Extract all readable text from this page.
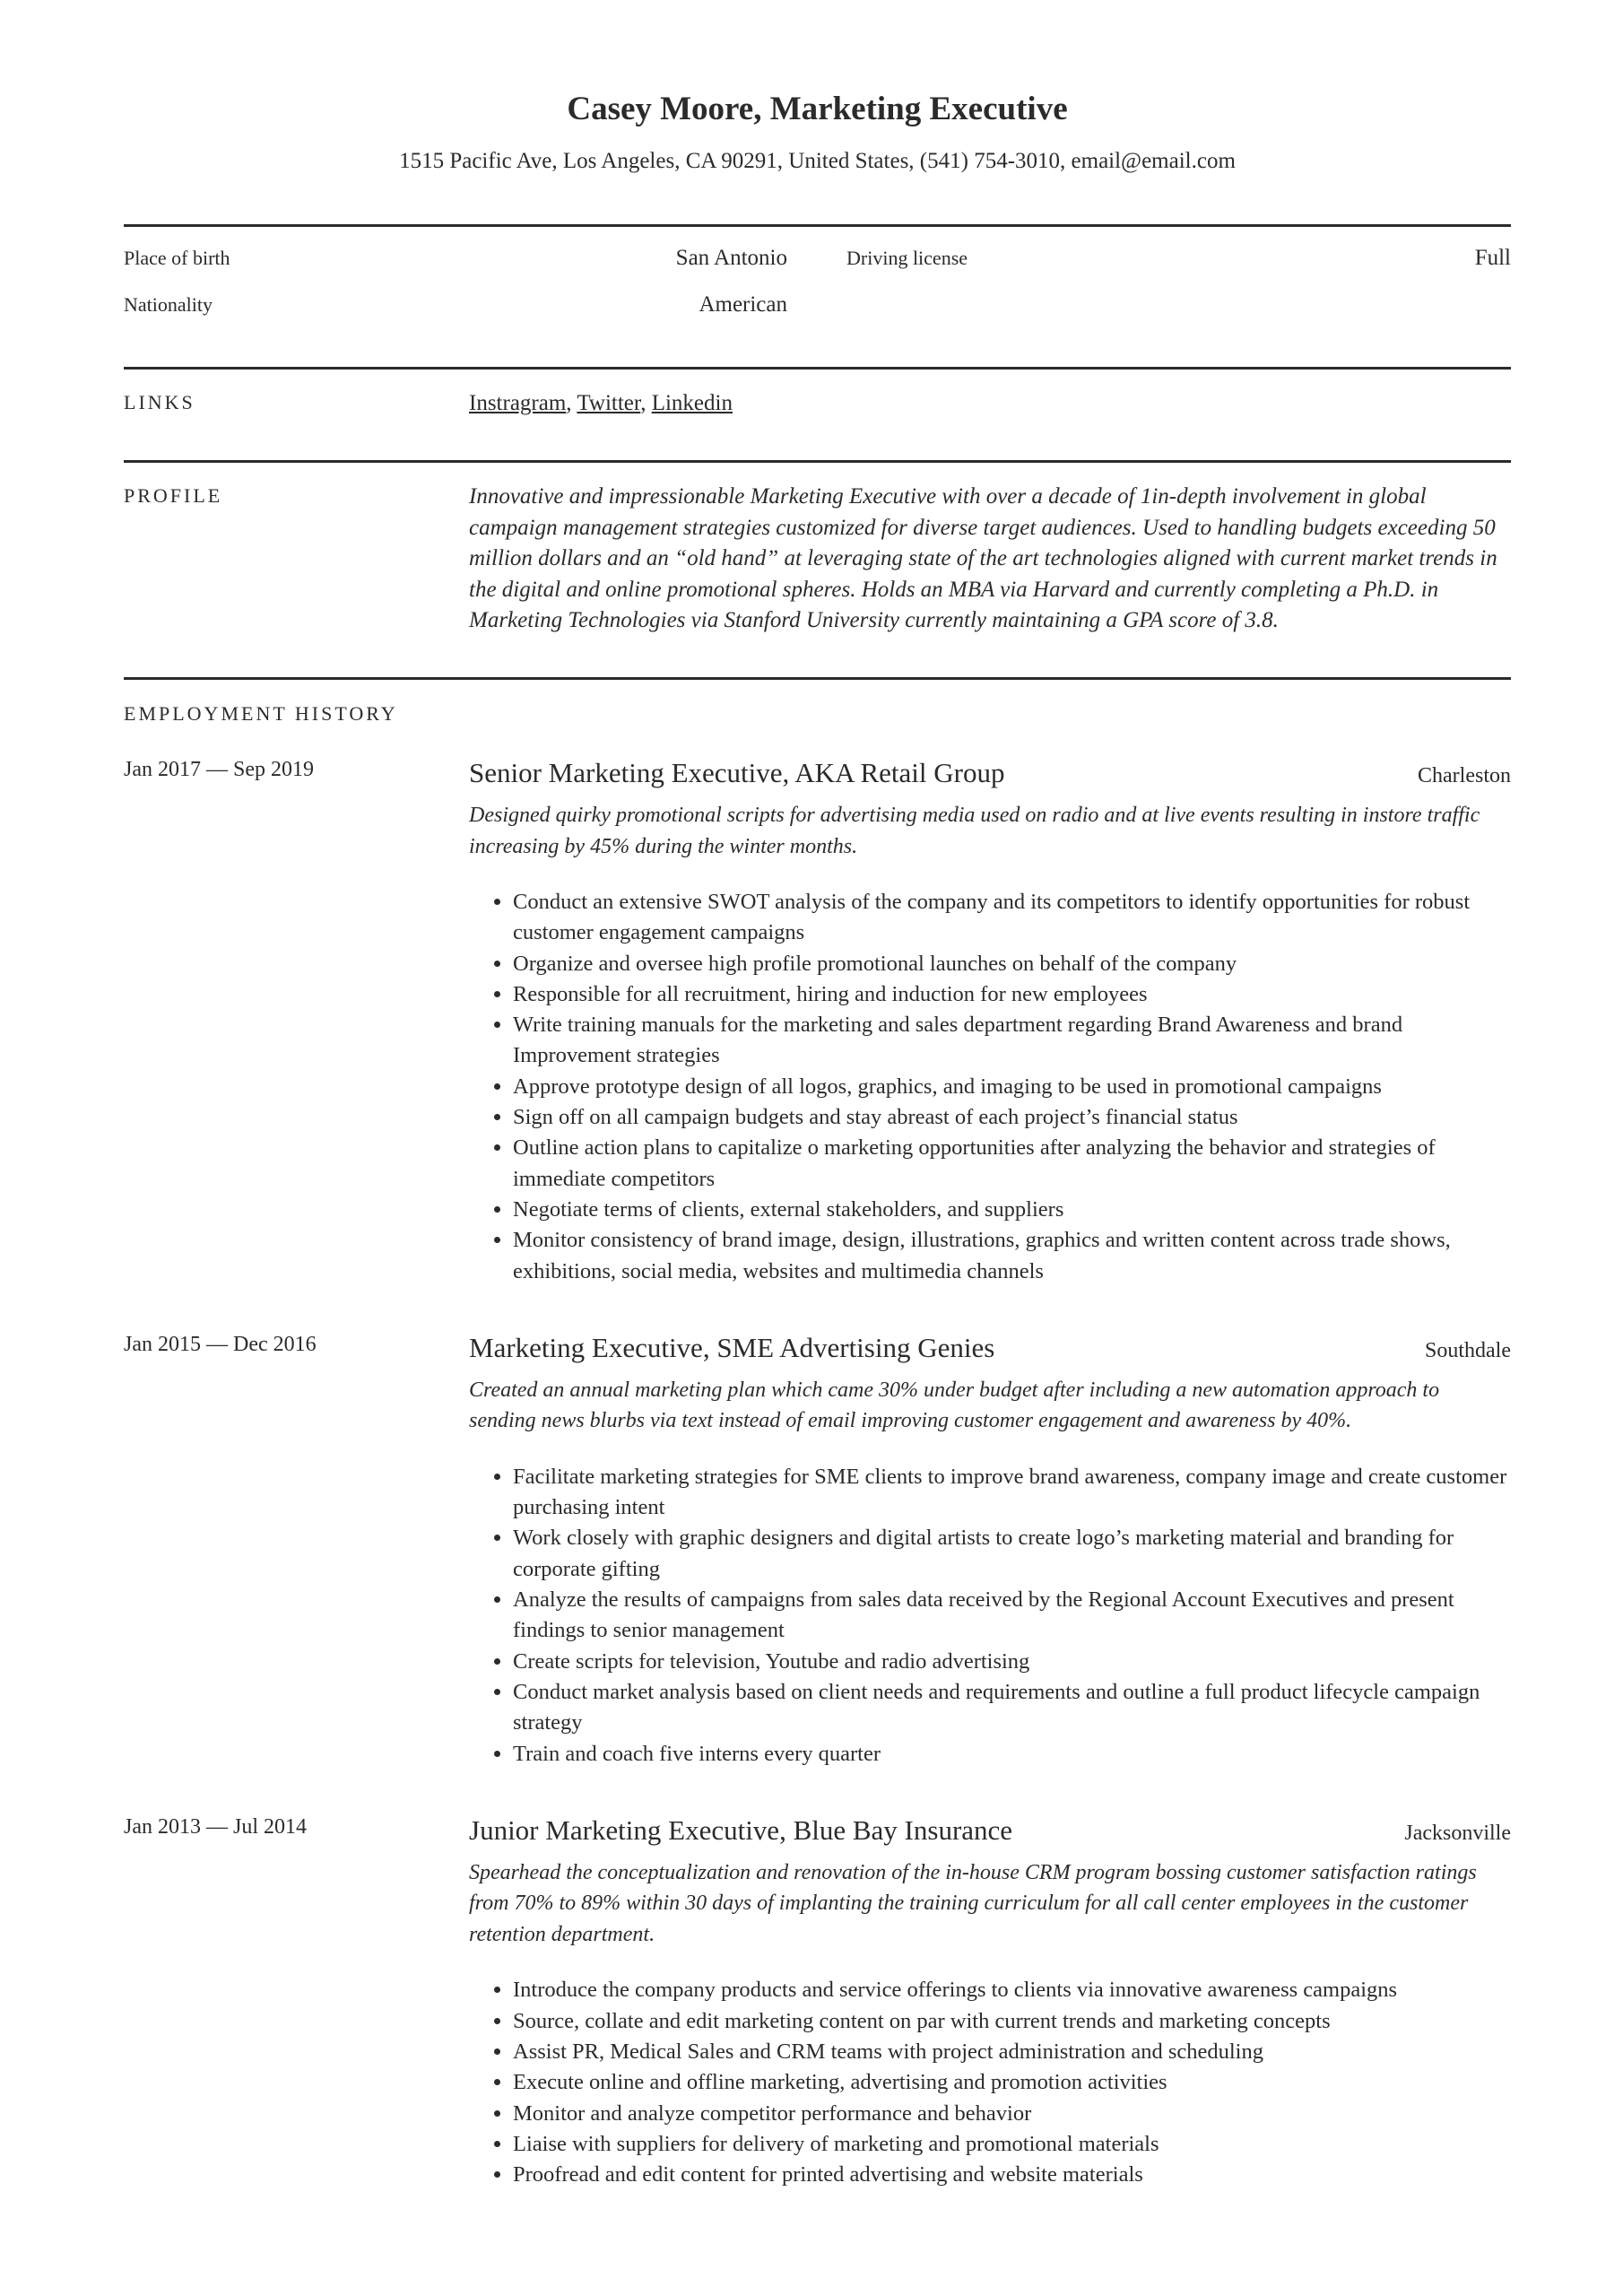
Casey Moore, Marketing Executive
1515 Pacific Ave, Los Angeles, CA 90291, United States, (541) 754-3010, email@email.com
Place of birth	San Antonio	Driving license	Full
Nationality	American
LINKS	Instragram, Twitter, Linkedin
PROFILE	Innovative and impressionable Marketing Executive with over a decade of 1in-depth involvement in global campaign management strategies customized for diverse target audiences. Used to handling budgets exceeding 50 million dollars and an “old hand” at leveraging state of the art technologies aligned with current market trends in the digital and online promotional spheres. Holds an MBA via Harvard and currently completing a Ph.D. in Marketing Technologies via Stanford University currently maintaining a GPA score of 3.8.
EMPLOYMENT HISTORY
Jan 2017 — Sep 2019	Senior Marketing Executive, AKA Retail Group	Charleston
Designed quirky promotional scripts for advertising media used on radio and at live events resulting in instore traffic increasing by 45% during the winter months.
• Conduct an extensive SWOT analysis of the company and its competitors to identify opportunities for robust customer engagement campaigns
• Organize and oversee high profile promotional launches on behalf of the company
• Responsible for all recruitment, hiring and induction for new employees
• Write training manuals for the marketing and sales department regarding Brand Awareness and brand Improvement strategies
• Approve prototype design of all logos, graphics, and imaging to be used in promotional campaigns
• Sign off on all campaign budgets and stay abreast of each project’s financial status
• Outline action plans to capitalize o marketing opportunities after analyzing the behavior and strategies of immediate competitors
• Negotiate terms of clients, external stakeholders, and suppliers
• Monitor consistency of brand image, design, illustrations, graphics and written content across trade shows, exhibitions, social media, websites and multimedia channels
Jan 2015 — Dec 2016	Marketing Executive, SME Advertising Genies	Southdale
Created an annual marketing plan which came 30% under budget after including a new automation approach to sending news blurbs via text instead of email improving customer engagement and awareness by 40%.
• Facilitate marketing strategies for SME clients to improve brand awareness, company image and create customer purchasing intent
• Work closely with graphic designers and digital artists to create logo’s marketing material and branding for corporate gifting
• Analyze the results of campaigns from sales data received by the Regional Account Executives and present findings to senior management
• Create scripts for television, Youtube and radio advertising
• Conduct market analysis based on client needs and requirements and outline a full product lifecycle campaign strategy
• Train and coach five interns every quarter
Jan 2013 — Jul 2014	Junior Marketing Executive, Blue Bay Insurance	Jacksonville
Spearhead the conceptualization and renovation of the in-house CRM program bossing customer satisfaction ratings from 70% to 89% within 30 days of implanting the training curriculum for all call center employees in the customer retention department.
• Introduce the company products and service offerings to clients via innovative awareness campaigns
• Source, collate and edit marketing content on par with current trends and marketing concepts
• Assist PR, Medical Sales and CRM teams with project administration and scheduling
• Execute online and offline marketing, advertising and promotion activities
• Monitor and analyze competitor performance and behavior
• Liaise with suppliers for delivery of marketing and promotional materials
• Proofread and edit content for printed advertising and website materials
